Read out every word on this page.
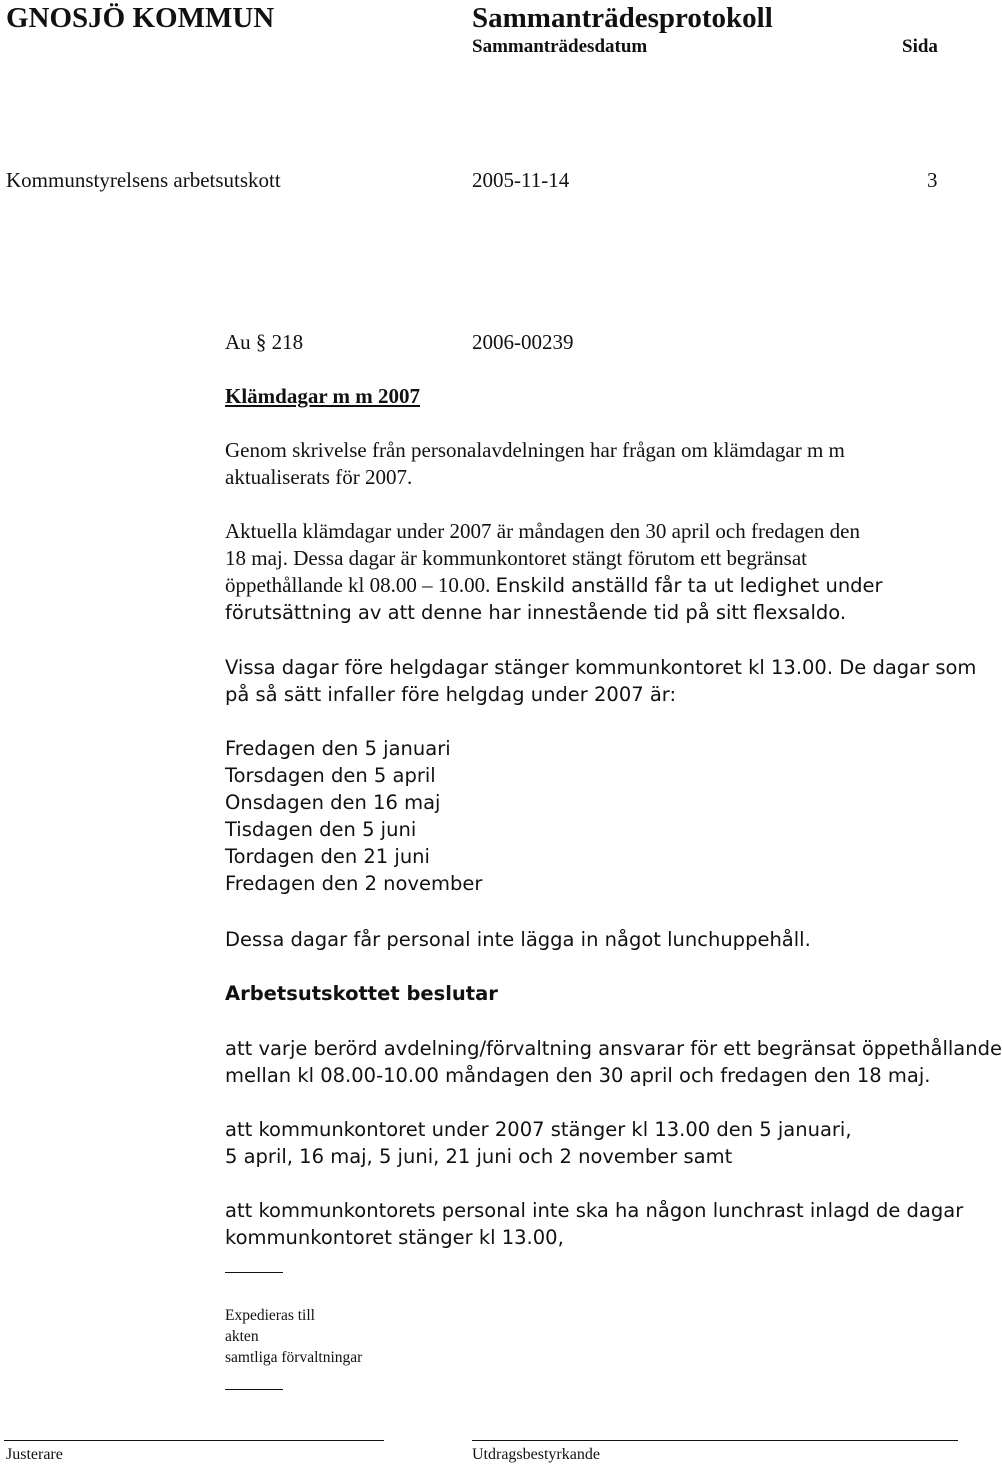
GNOSJÖ KOMMUN	Sammanträdesprotokoll
Sammanträdesdatum	Sida
Kommunstyrelsens arbetsutskott	2005-11-14	3
Au § 218	2006-00239
Klämdagar m m 2007
Genom skrivelse från personalavdelningen har frågan om klämdagar m m
aktualiserats för 2007.
Aktuella klämdagar under 2007 är måndagen den 30 april och fredagen den
18 maj. Dessa dagar är kommunkontoret stängt förutom ett begränsat
öppethållande kl 08.00 – 10.00. Enskild anställd får ta ut ledighet under
förutsättning av att denne har innestående tid på sitt flexsaldo.
Vissa dagar före helgdagar stänger kommunkontoret kl 13.00. De dagar som
på så sätt infaller före helgdag under 2007 är:
Fredagen den 5 januari
Torsdagen den 5 april
Onsdagen den 16 maj
Tisdagen den 5 juni
Tordagen den 21 juni
Fredagen den 2 november
Dessa dagar får personal inte lägga in något lunchuppehåll.
Arbetsutskottet beslutar
att varje berörd avdelning/förvaltning ansvarar för ett begränsat öppethållande
mellan kl 08.00-10.00 måndagen den 30 april och fredagen den 18 maj.
att kommunkontoret under 2007 stänger kl 13.00 den 5 januari,
5 april, 16 maj, 5 juni, 21 juni och 2 november samt
att kommunkontorets personal inte ska ha någon lunchrast inlagd de dagar
kommunkontoret stänger kl 13.00,
Expedieras till
akten
samtliga förvaltningar
Justerare	Utdragsbestyrkande
